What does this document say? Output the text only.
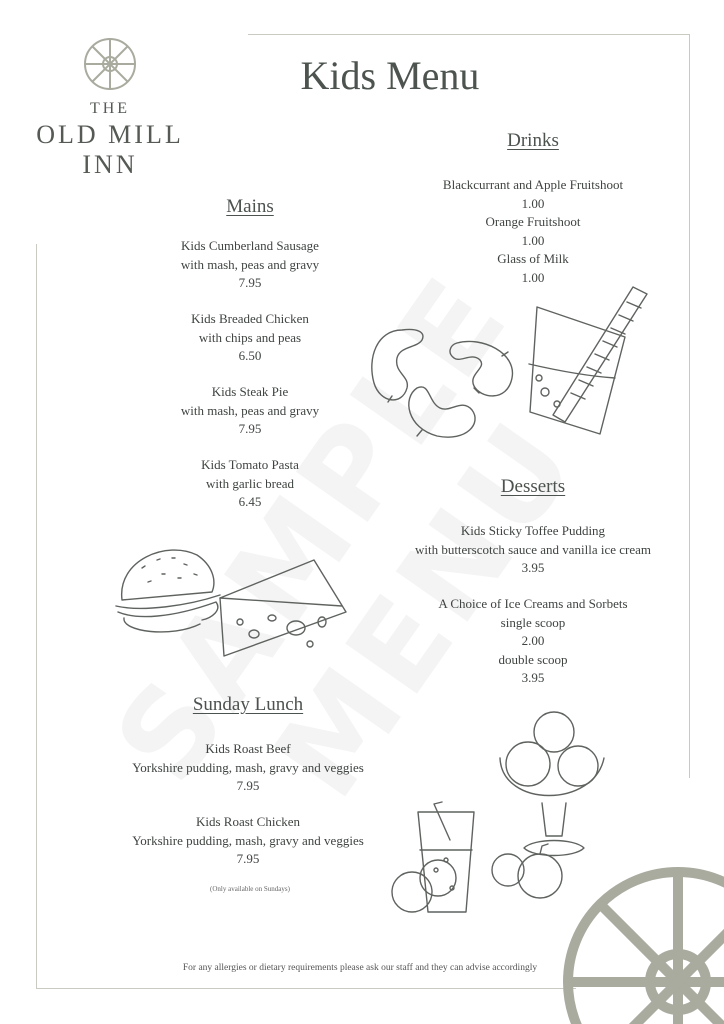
THE
OLD MILL
INN
Kids Menu
Mains
Kids Cumberland Sausage
with mash, peas and gravy
7.95
Kids Breaded Chicken
with chips and peas
6.50
Kids Steak Pie
with mash, peas and gravy
7.95
Kids Tomato Pasta
with garlic bread
6.45
Drinks
Blackcurrant and Apple Fruitshoot
1.00
Orange Fruitshoot
1.00
Glass of Milk
1.00
Desserts
Kids Sticky Toffee Pudding
with butterscotch sauce and vanilla ice cream
3.95
A Choice of Ice Creams and Sorbets
single scoop
2.00
double scoop
3.95
Sunday Lunch
Kids Roast Beef
Yorkshire pudding, mash, gravy and veggies
7.95
Kids Roast Chicken
Yorkshire pudding, mash, gravy and veggies
7.95
(Only available on Sundays)
For any allergies or dietary requirements please ask our staff and they can advise accordingly
